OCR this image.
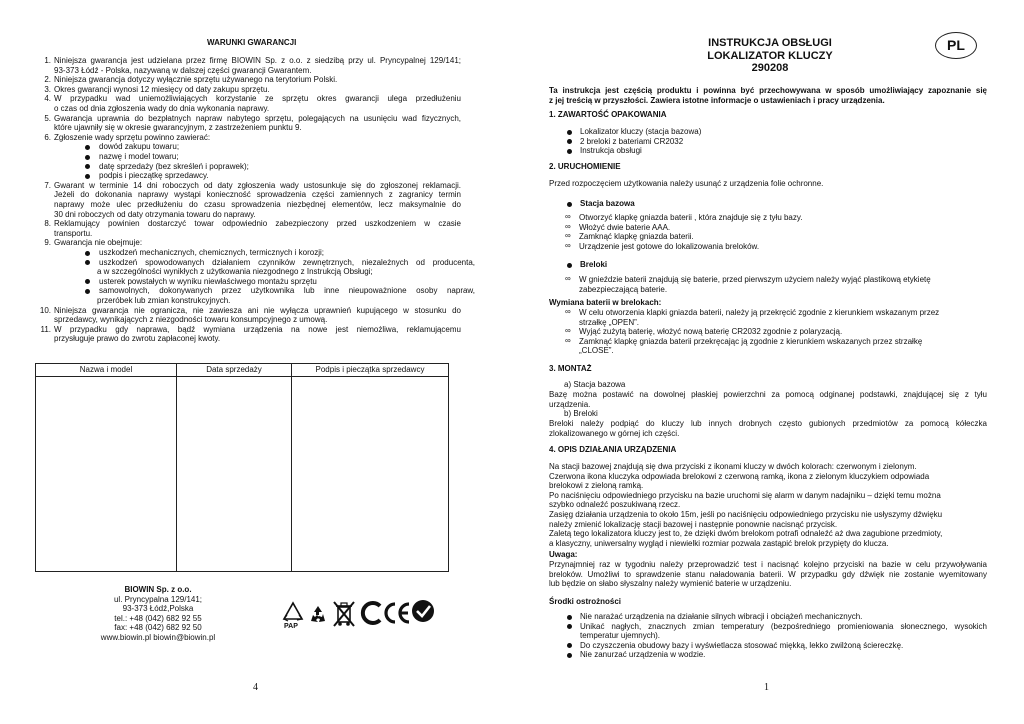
WARUNKI GWARANCJI
1. Niniejsza gwarancja jest udzielana przez firmę BIOWIN Sp. z o.o. z siedzibą przy ul. Pryncypalnej 129/141;
93-373 Łódź - Polska, nazywaną w dalszej części gwarancji Gwarantem.
2. Niniejsza gwarancja dotyczy wyłącznie sprzętu używanego na terytorium Polski.
3. Okres gwarancji wynosi 12 miesięcy od daty zakupu sprzętu.
4. W przypadku wad uniemożliwiających korzystanie ze sprzętu okres gwarancji ulega przedłużeniu
o czas od dnia zgłoszenia wady do dnia wykonania naprawy.
5. Gwarancja uprawnia do bezpłatnych napraw nabytego sprzętu, polegających na usunięciu wad fizycznych,
które ujawniły się w okresie gwarancyjnym, z zastrzeżeniem punktu 9.
6. Zgłoszenie wady sprzętu powinno zawierać:
dowód zakupu towaru;
nazwę i model towaru;
datę sprzedaży (bez skreśleń i poprawek);
podpis i pieczątkę sprzedawcy.
7. Gwarant w terminie 14 dni roboczych od daty zgłoszenia wady ustosunkuje się do zgłoszonej reklamacji.
Jeżeli do dokonania naprawy wystąpi konieczność sprowadzenia części zamiennych z zagranicy termin
naprawy może ulec przedłużeniu do czasu sprowadzenia niezbędnej elementów, lecz maksymalnie do
30 dni roboczych od daty otrzymania towaru do naprawy.
8. Reklamujący powinien dostarczyć towar odpowiednio zabezpieczony przed uszkodzeniem w czasie
transportu.
9. Gwarancja nie obejmuje:
uszkodzeń mechanicznych, chemicznych, termicznych i korozji;
uszkodzeń spowodowanych działaniem czynników zewnętrznych, niezależnych od producenta,
a w szczególności wynikłych z użytkowania niezgodnego z Instrukcją Obsługi;
usterek powstałych w wyniku niewłaściwego montażu sprzętu
samowolnych, dokonywanych przez użytkownika lub inne nieupoważnione osoby napraw,
przeróbek lub zmian konstrukcyjnych.
10. Niniejsza gwarancja nie ogranicza, nie zawiesza ani nie wyłącza uprawnień kupującego w stosunku do
sprzedawcy, wynikających z niezgodności towaru konsumpcyjnego z umową.
11. W przypadku gdy naprawa, bądź wymiana urządzenia na nowe jest niemożliwa, reklamującemu
przysługuje prawo do zwrotu zapłaconej kwoty.
Nazwa i model	Data sprzedaży	Podpis i pieczątka sprzedawcy

BIOWIN Sp. z o.o.
ul. Pryncypalna 129/141;
93-373 Łódź,Polska
tel.: +48 (042) 682 92 55
fax: +48 (042) 682 92 50
www.biowin.pl biowin@biowin.pl
PAP
4
INSTRUKCJA OBSŁUGI
LOKALIZATOR KLUCZY
290208
PL
Ta instrukcja jest częścią produktu i powinna być przechowywana w sposób umożliwiający zapoznanie się
z jej treścią w przyszłości. Zawiera istotne informacje o ustawieniach i pracy urządzenia.
1. ZAWARTOŚĆ OPAKOWANIA
Lokalizator kluczy (stacja bazowa)
2 breloki z bateriami CR2032
Instrukcja obsługi
2. URUCHOMIENIE
Przed rozpoczęciem użytkowania należy usunąć z urządzenia folie ochronne.
Stacja bazowa
∞ Otworzyć klapkę gniazda baterii , która znajduje się z tyłu bazy.
∞ Włożyć dwie baterie AAA.
∞ Zamknąć klapkę gniazda baterii.
∞ Urządzenie jest gotowe do lokalizowania breloków.
Breloki
∞ W gnieździe baterii znajdują się baterie, przed pierwszym użyciem należy wyjąć plastikową etykietę
zabezpieczającą baterie.
Wymiana baterii w brelokach:
∞ W celu otworzenia klapki gniazda baterii, należy ją przekręcić zgodnie z kierunkiem wskazanym przez
strzałkę „OPEN”.
∞ Wyjąć zużytą baterię, włożyć nową baterię CR2032 zgodnie z polaryzacją.
∞ Zamknąć klapkę gniazda baterii przekręcając ją zgodnie z kierunkiem wskazanych przez strzałkę
„CLOSE”.
3. MONTAŻ
a) Stacja bazowa
Bazę można postawić na dowolnej płaskiej powierzchni za pomocą odginanej podstawki, znajdującej się z tyłu
urządzenia.
b) Breloki
Breloki należy podpiąć do kluczy lub innych drobnych często gubionych przedmiotów za pomocą kółeczka
zlokalizowanego w górnej ich części.
4. OPIS DZIAŁANIA URZĄDZENIA
Na stacji bazowej znajdują się dwa przyciski z ikonami kluczy w dwóch kolorach: czerwonym i zielonym.
Czerwona ikona kluczyka odpowiada brelokowi z czerwoną ramką, ikona z zielonym kluczykiem odpowiada
brelokowi z zieloną ramką.
Po naciśnięciu odpowiedniego przycisku na bazie uruchomi się alarm w danym nadajniku – dzięki temu można
szybko odnaleźć poszukiwaną rzecz.
Zasięg działania urządzenia to około 15m, jeśli po naciśnięciu odpowiedniego przycisku nie usłyszymy dźwięku
należy zmienić lokalizację stacji bazowej i następnie ponownie nacisnąć przycisk.
Zaletą tego lokalizatora kluczy jest to, że dzięki dwóm brelokom potrafi odnaleźć aż dwa zagubione przedmioty,
a klasyczny, uniwersalny wygląd i niewielki rozmiar pozwala zastąpić brelok przypięty do klucza.
Uwaga:
Przynajmniej raz w tygodniu należy przeprowadzić test i nacisnąć kolejno przyciski na bazie w celu przywoływania
breloków. Umożliwi to sprawdzenie stanu naładowania baterii. W przypadku gdy dźwięk nie zostanie wyemitowany
lub będzie on słabo słyszalny należy wymienić baterie w urządzeniu.
Środki ostrożności
Nie narażać urządzenia na działanie silnych wibracji i obciążeń mechanicznych.
Unikać nagłych, znacznych zmian temperatury (bezpośredniego promieniowania słonecznego, wysokich
temperatur ujemnych).
Do czyszczenia obudowy bazy i wyświetlacza stosować miękką, lekko zwilżoną ściereczkę.
Nie zanurzać urządzenia w wodzie.
1
